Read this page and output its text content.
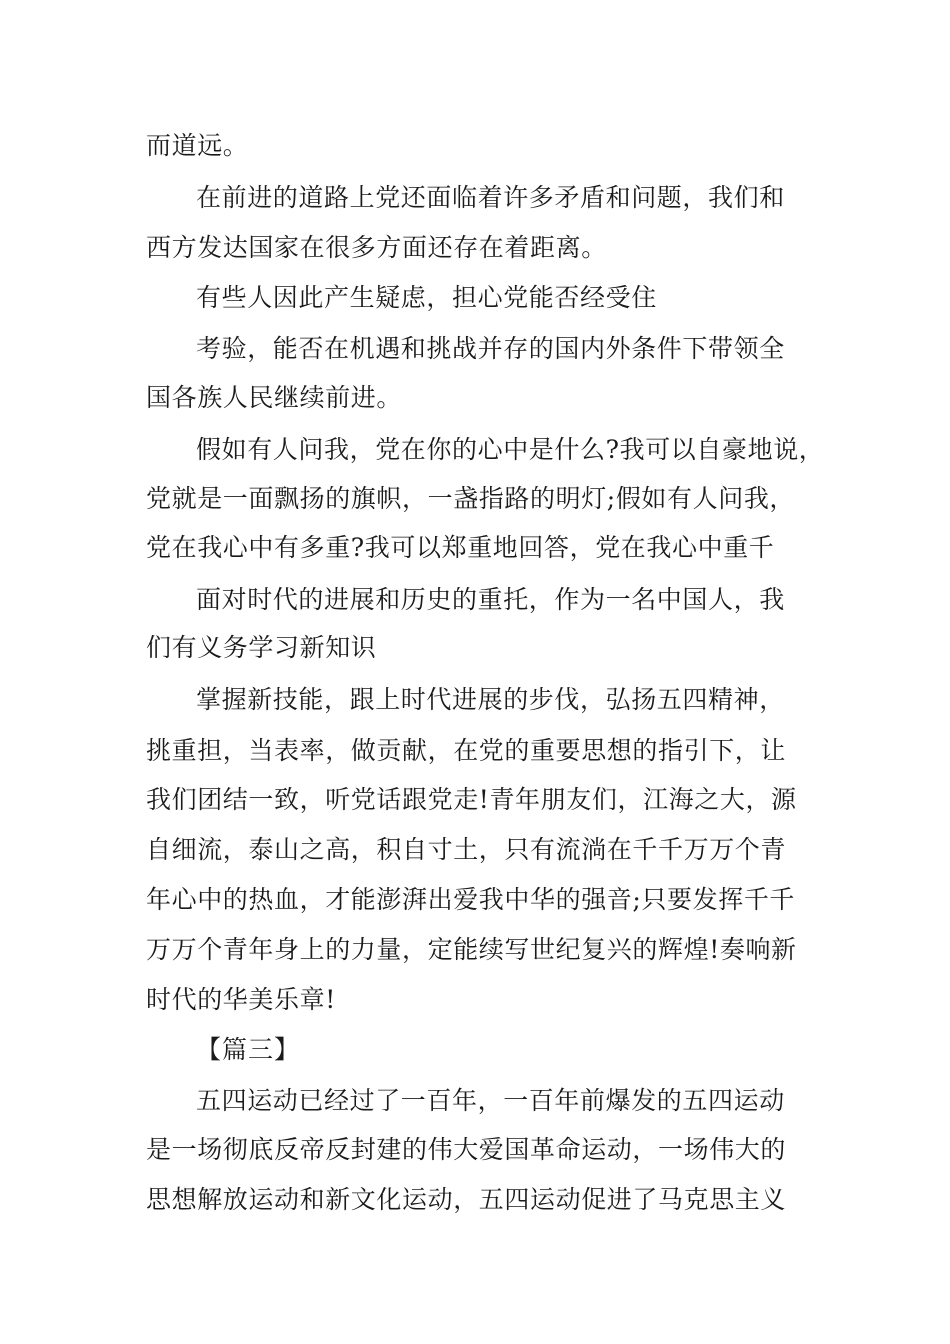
而道远。
在前进的道路上党还面临着许多矛盾和问题，我们和
西方发达国家在很多方面还存在着距离。
有些人因此产生疑虑，担心党能否经受住
考验，能否在机遇和挑战并存的国内外条件下带领全
国各族人民继续前进。
假如有人问我，党在你的心中是什么?我可以自豪地说，
党就是一面飘扬的旗帜，一盏指路的明灯;假如有人问我，
党在我心中有多重?我可以郑重地回答，党在我心中重千
面对时代的进展和历史的重托，作为一名中国人，我
们有义务学习新知识
掌握新技能，跟上时代进展的步伐，弘扬五四精神，
挑重担，当表率，做贡献，在党的重要思想的指引下，让
我们团结一致，听党话跟党走!青年朋友们，江海之大，源
自细流，泰山之高，积自寸土，只有流淌在千千万万个青
年心中的热血，才能澎湃出爱我中华的强音;只要发挥千千
万万个青年身上的力量，定能续写世纪复兴的辉煌!奏响新
时代的华美乐章!
【篇三】
五四运动已经过了一百年，一百年前爆发的五四运动
是一场彻底反帝反封建的伟大爱国革命运动，一场伟大的
思想解放运动和新文化运动，五四运动促进了马克思主义
